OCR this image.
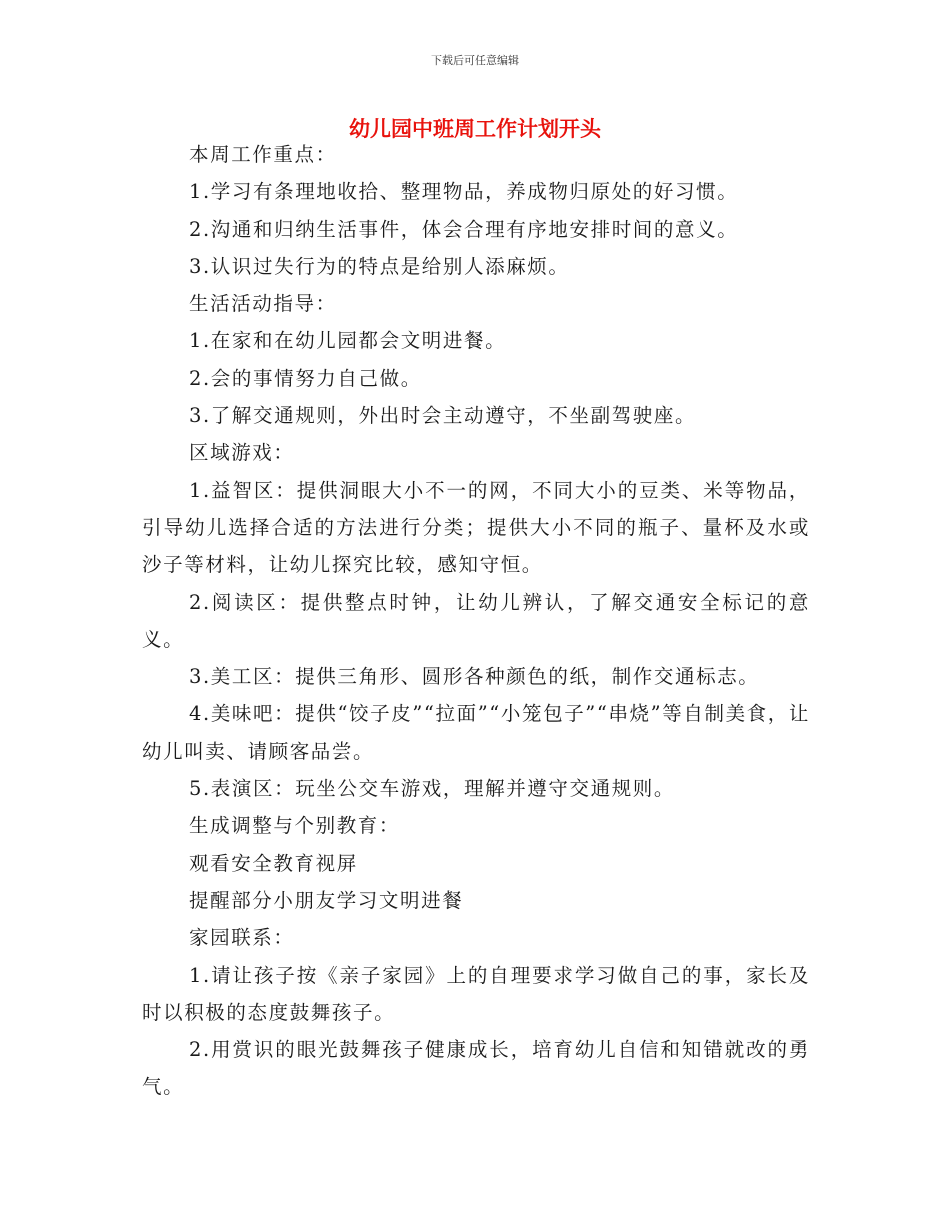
下载后可任意编辑
幼儿园中班周工作计划开头

本周工作重点：

1.学习有条理地收拾、整理物品，养成物归原处的好习惯。

2.沟通和归纳生活事件，体会合理有序地安排时间的意义。

3.认识过失行为的特点是给别人添麻烦。

生活活动指导：

1.在家和在幼儿园都会文明进餐。

2.会的事情努力自己做。

3.了解交通规则，外出时会主动遵守，不坐副驾驶座。

区域游戏：

1.益智区：提供洞眼大小不一的网，不同大小的豆类、米等物品，引导幼儿选择合适的方法进行分类；提供大小不同的瓶子、量杯及水或沙子等材料，让幼儿探究比较，感知守恒。

2.阅读区：提供整点时钟，让幼儿辨认，了解交通安全标记的意义。

3.美工区：提供三角形、圆形各种颜色的纸，制作交通标志。

4.美味吧：提供“饺子皮”“拉面”“小笼包子”“串烧”等自制美食，让幼儿叫卖、请顾客品尝。

5.表演区：玩坐公交车游戏，理解并遵守交通规则。

生成调整与个别教育：

观看安全教育视屏

提醒部分小朋友学习文明进餐

家园联系：

1.请让孩子按《亲子家园》上的自理要求学习做自己的事，家长及时以积极的态度鼓舞孩子。

2.用赏识的眼光鼓舞孩子健康成长，培育幼儿自信和知错就改的勇气。
